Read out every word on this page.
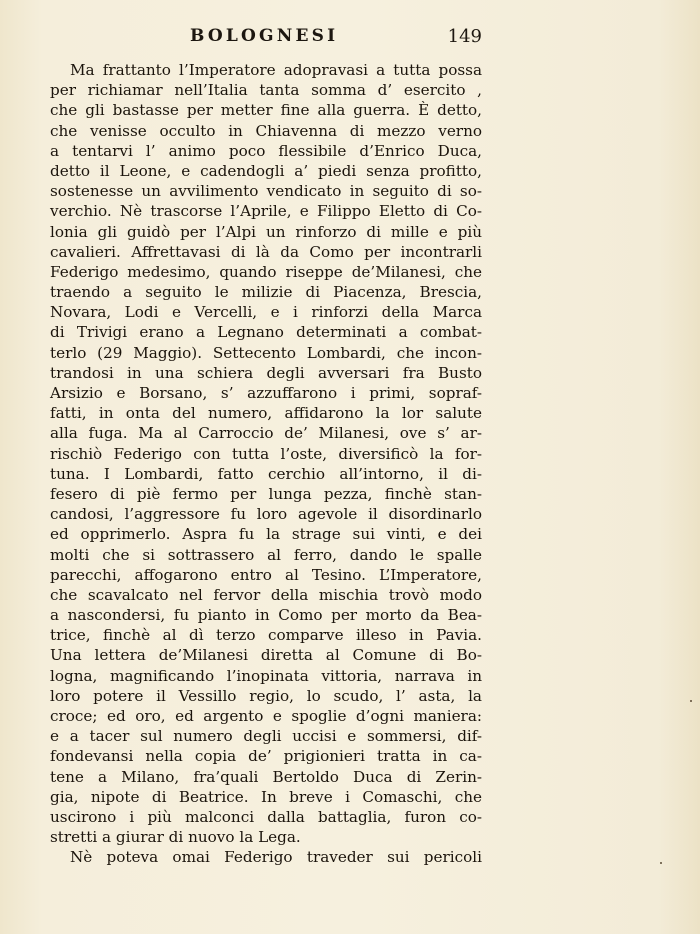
BOLOGNESI	149
Ma frattanto l’Imperatore adopravasi a tutta possa
per richiamar nell’Italia tanta somma d’ esercito ,
che gli bastasse per metter fine alla guerra. È detto,
che venisse occulto in Chiavenna di mezzo verno
a tentarvi l’ animo poco flessibile d’Enrico Duca,
detto il Leone, e cadendogli a’ piedi senza profitto,
sostenesse un avvilimento vendicato in seguito di so-
verchio. Nè trascorse l’Aprile, e Filippo Eletto di Co-
lonia gli guidò per l’Alpi un rinforzo di mille e più
cavalieri. Affrettavasi di là da Como per incontrarli
Federigo medesimo, quando riseppe de’Milanesi, che
traendo a seguito le milizie di Piacenza, Brescia,
Novara, Lodi e Vercelli, e i rinforzi della Marca
di Trivigi erano a Legnano determinati a combat-
terlo (29 Maggio). Settecento Lombardi, che incon-
trandosi in una schiera degli avversari fra Busto
Arsizio e Borsano, s’ azzuffarono i primi, sopraf-
fatti, in onta del numero, affidarono la lor salute
alla fuga. Ma al Carroccio de’ Milanesi, ove s’ ar-
rischiò Federigo con tutta l’oste, diversificò la for-
tuna. I Lombardi, fatto cerchio all’intorno, il di-
fesero di piè fermo per lunga pezza, finchè stan-
candosi, l’aggressore fu loro agevole il disordinarlo
ed opprimerlo. Aspra fu la strage sui vinti, e dei
molti che si sottrassero al ferro, dando le spalle
parecchi, affogarono entro al Tesino. L’Imperatore,
che scavalcato nel fervor della mischia trovò modo
a nascondersi, fu pianto in Como per morto da Bea-
trice, finchè al dì terzo comparve illeso in Pavia.
Una lettera de’Milanesi diretta al Comune di Bo-
logna, magnificando l’inopinata vittoria, narrava in
loro potere il Vessillo regio, lo scudo, l’ asta, la
croce; ed oro, ed argento e spoglie d’ogni maniera:
e a tacer sul numero degli uccisi e sommersi, dif-
fondevansi nella copia de’ prigionieri tratta in ca-
tene a Milano, fra’quali Bertoldo Duca di Zerin-
gia, nipote di Beatrice. In breve i Comaschi, che
uscirono i più malconci dalla battaglia, furon co-
stretti a giurar di nuovo la Lega.
Nè poteva omai Federigo traveder sui pericoli
